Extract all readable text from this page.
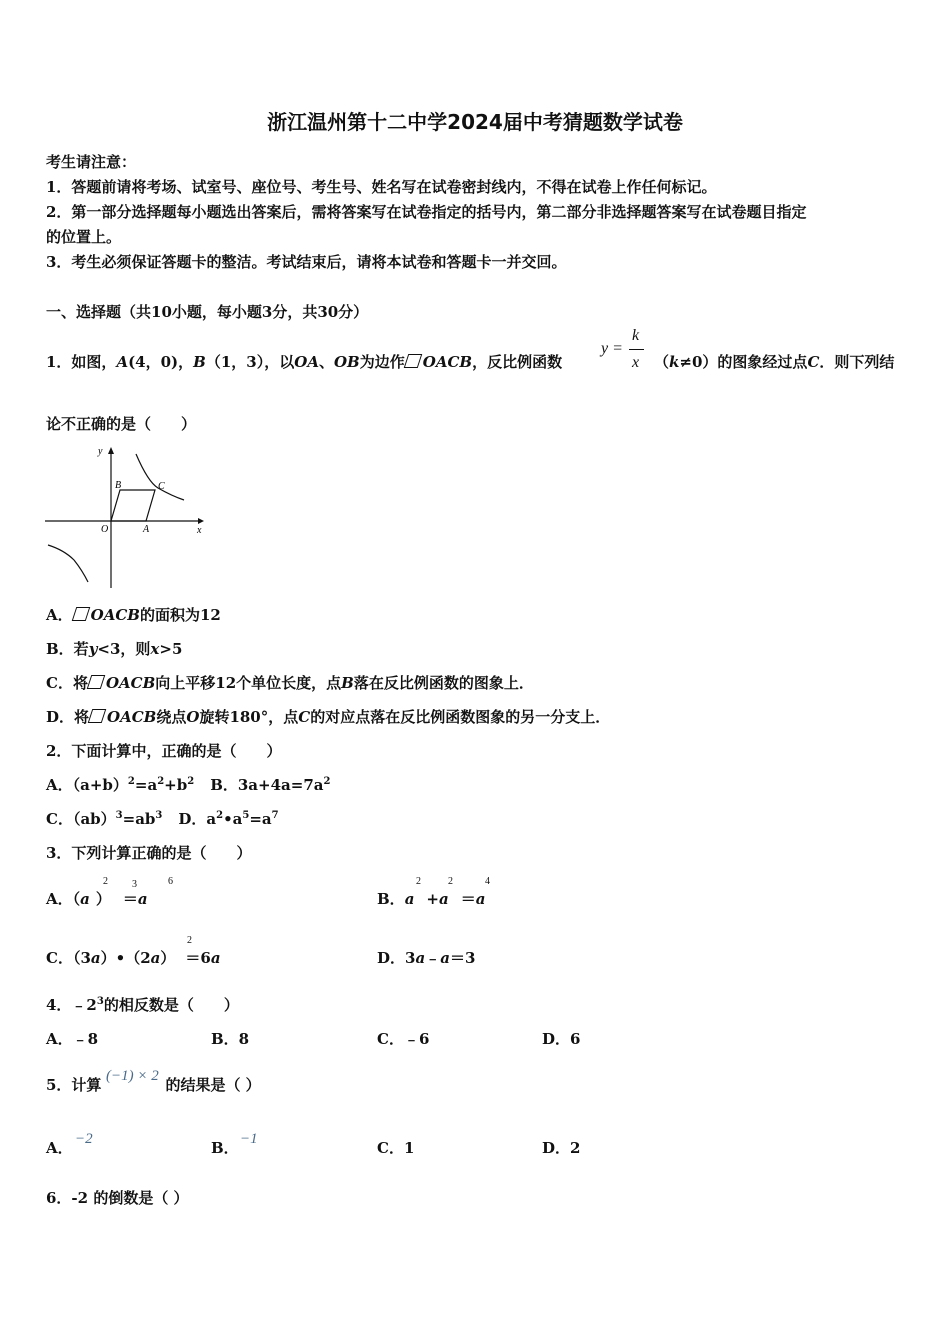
浙江温州第十二中学2024届中考猜题数学试卷
考生请注意：
1．答题前请将考场、试室号、座位号、考生号、姓名写在试卷密封线内，不得在试卷上作任何标记。
2．第一部分选择题每小题选出答案后，需将答案写在试卷指定的括号内，第二部分非选择题答案写在试卷题目指定
的位置上。
3．考生必须保证答题卡的整洁。考试结束后，请将本试卷和答题卡一并交回。
一、选择题（共10小题，每小题3分，共30分）
1．如图，A(4，0)，B（1，3），以OA、OB为边作 OACB，反比例函数
y =
k
x （k≠0）的图象经过点C．则下列结
论不正确的是（　　）
y
x
B	C
O	A
A． OACB的面积为12
B．若y<3，则x>5
C．将 OACB向上平移12个单位长度，点B落在反比例函数的图象上．
D．将 OACB绕点O旋转180°，点C的对应点落在反比例函数图象的另一分支上．
2．下面计算中，正确的是（　　）
A．$(a+b)^2=a^2+b^2$ B．$3a+4a=7a^2$
C．$(ab)^3=ab^3$ D．$a^2•a^5=a^7$
3．下列计算正确的是（　　）
A．（a ） ＝a
2 3	6
B．a +a ＝a
2	2	4
C．（3a）•（2a） ＝6a
2
D．3a﹣a＝3
4．$﹣2^3$的相反数是（　　）
A．﹣8	B．8	C．﹣6	D．6
5．计算	的结果是（ ）
(−1) × 2
A． −2	B． −1	C．1	D．2
6．-2 的倒数是（ ）
